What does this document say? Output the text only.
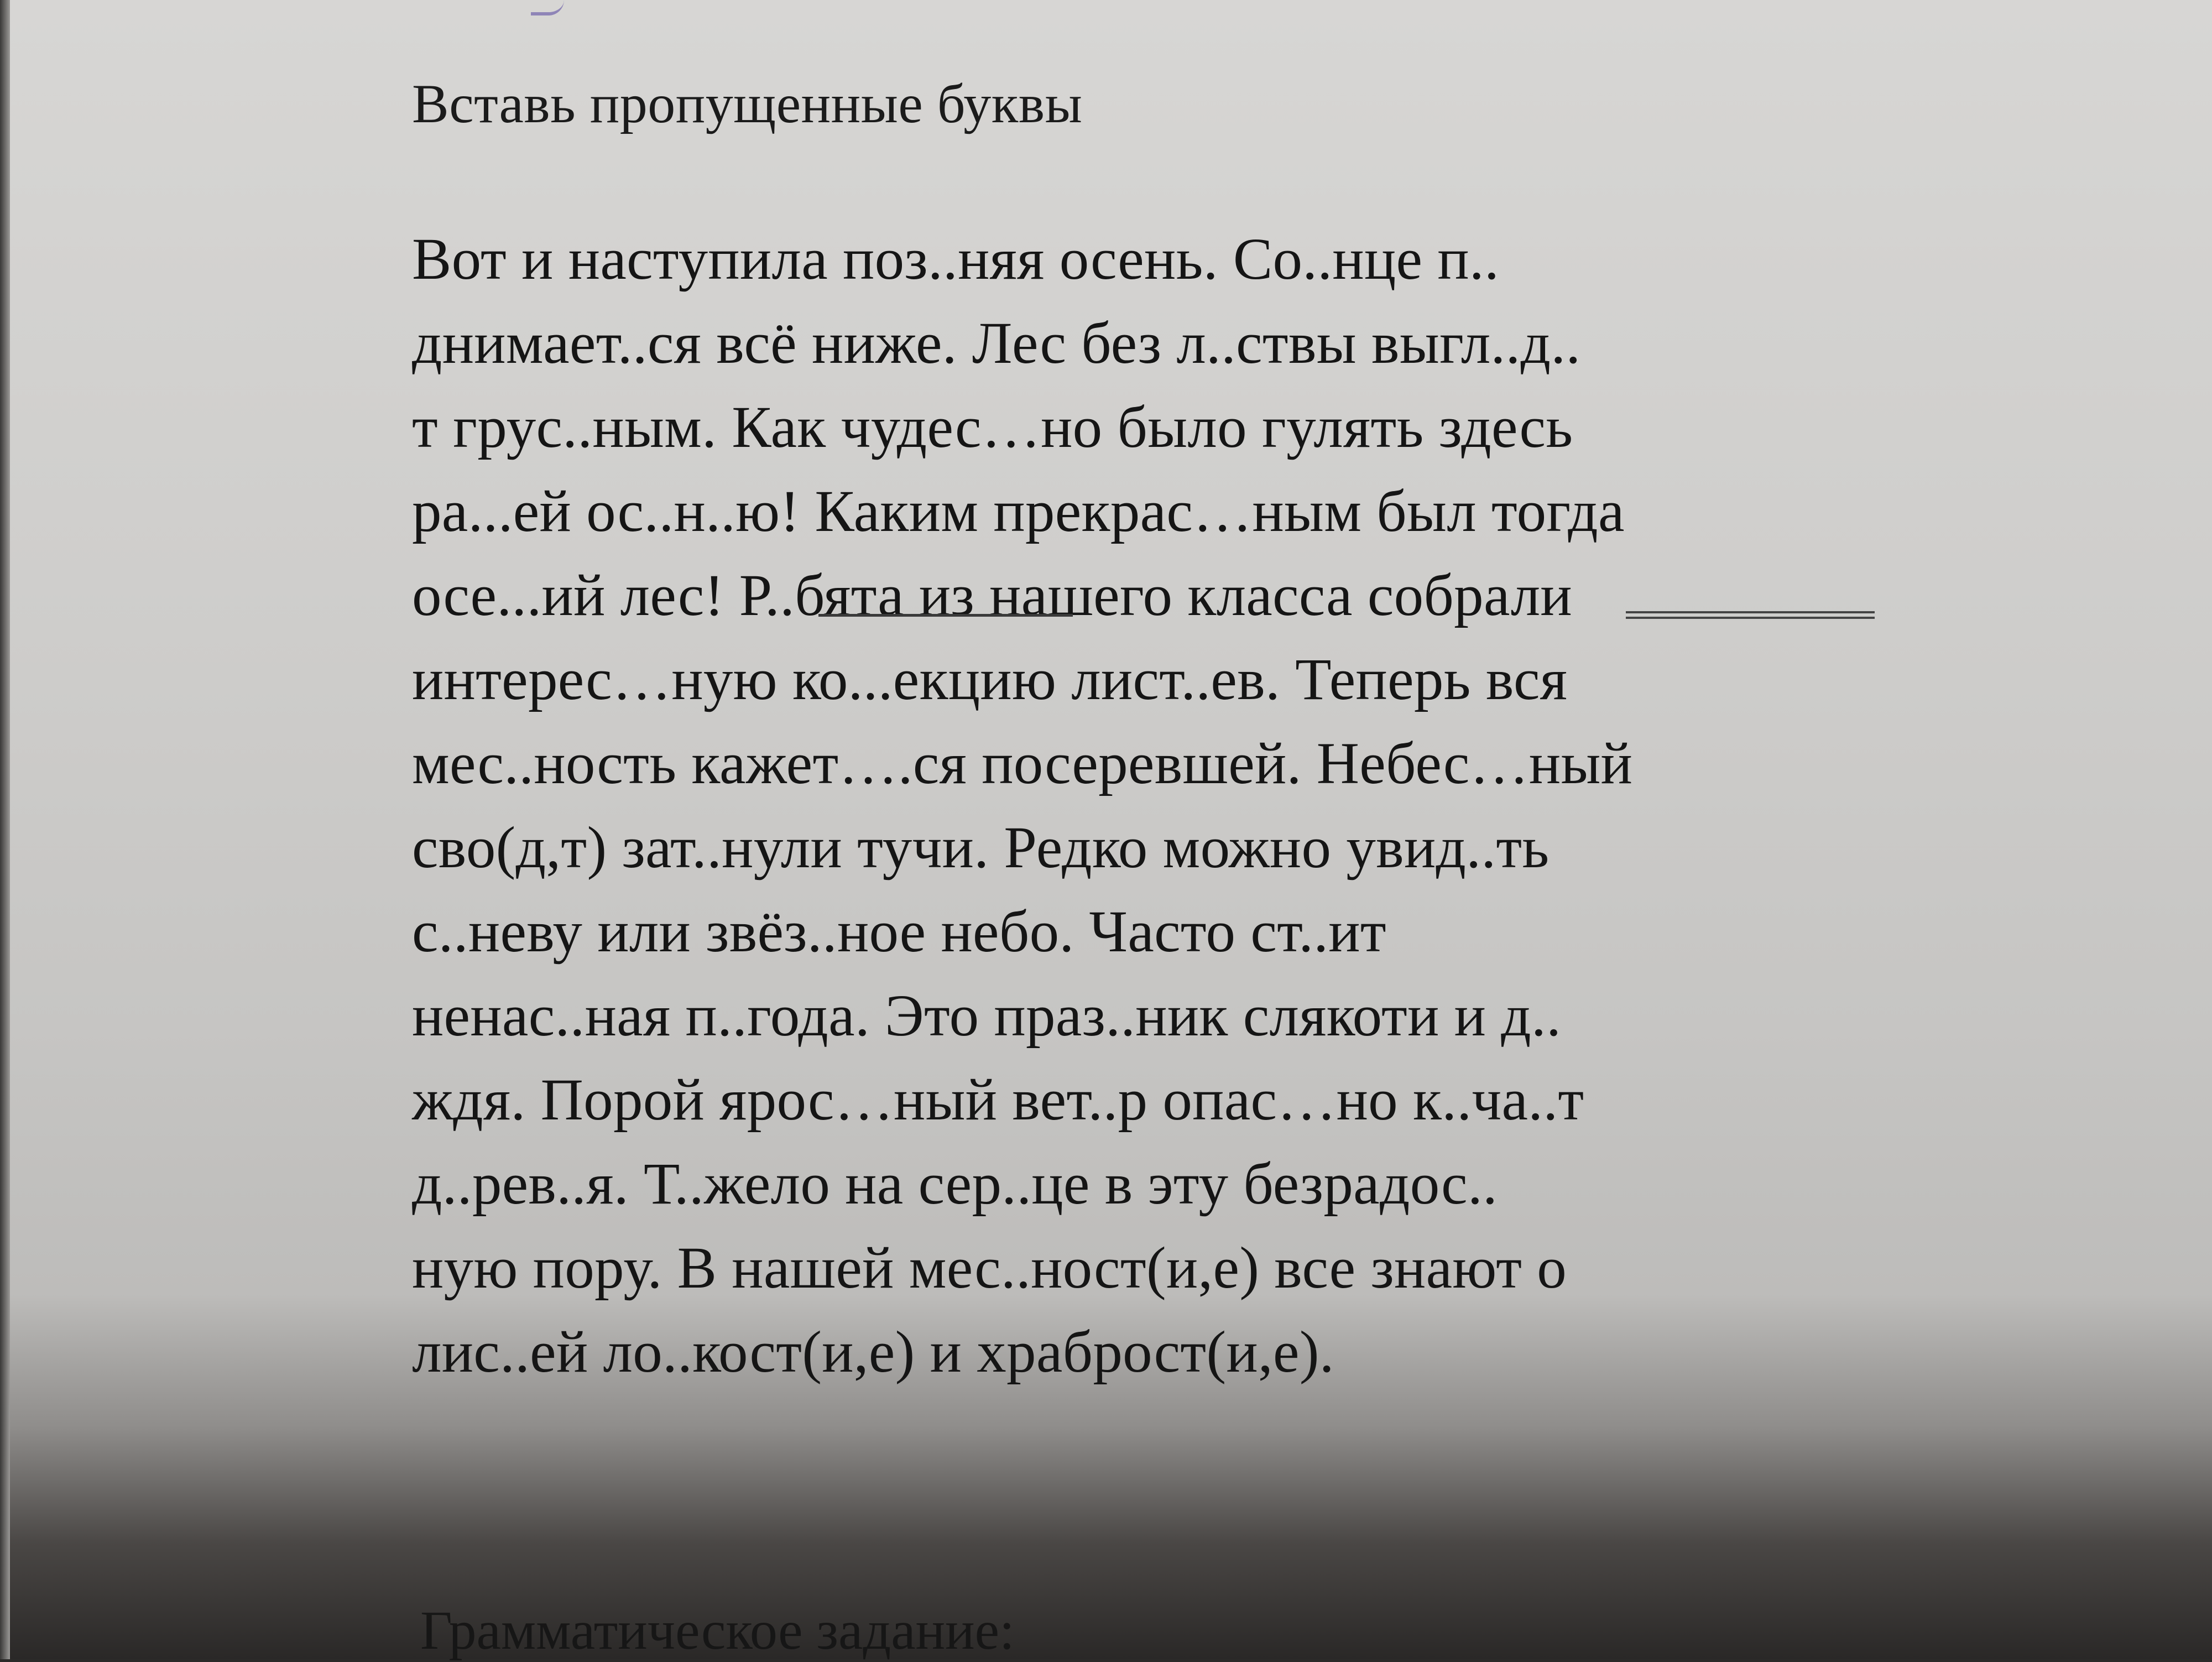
Вставь пропущенные буквы
Вот и наступила поз..няя осень. Со..нце п..
днимает..ся всё ниже. Лес без л..ствы выгл..д..
т грус..ным. Как чудес…но было гулять здесь
ра...ей ос..н..ю! Каким прекрас…ным был тогда
осе...ий лес! Р..бята из нашего класса собрали
интерес…ную ко...екцию лист..ев. Теперь вся
мес..ность кажет….ся посеревшей. Небес…ный
сво(д,т) зат..нули тучи. Редко можно увид..ть
с..неву или звёз..ное небо. Часто ст..ит
ненас..ная п..года. Это праз..ник слякоти и д..
ждя. Порой ярос…ный вет..р опас…но к..ча..т
д..рев..я. Т..жело на сер..це в эту безрадос..
ную пору. В нашей мес..ност(и,е) все знают о
лис..ей ло..кост(и,е) и храброст(и,е).
Грамматическое задание:
